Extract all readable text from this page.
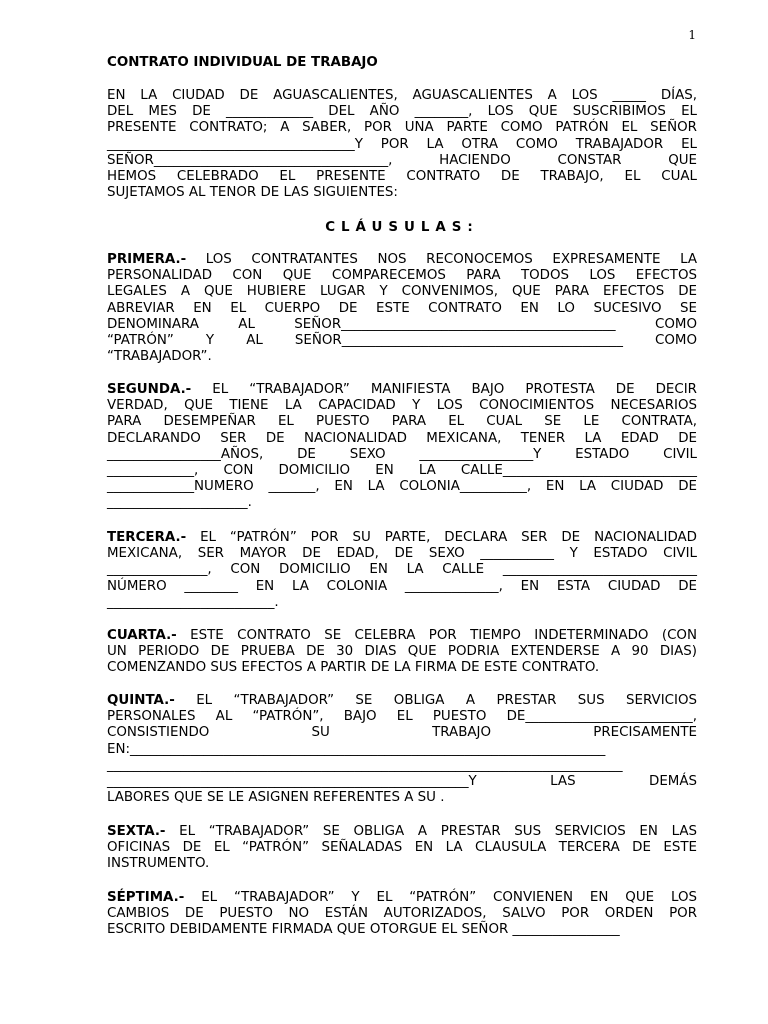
1
CONTRATO INDIVIDUAL DE TRABAJO
EN LA CIUDAD DE AGUASCALIENTES, AGUASCALIENTES A LOS _____ DÍAS,
DEL MES DE _____________ DEL AÑO ________, LOS QUE SUSCRIBIMOS EL
PRESENTE CONTRATO; A SABER, POR UNA PARTE COMO PATRÓN EL SEÑOR
_____________________________________Y POR LA OTRA COMO TRABAJADOR EL
SEÑOR___________________________________, HACIENDO CONSTAR QUE
HEMOS CELEBRADO EL PRESENTE CONTRATO DE TRABAJO, EL CUAL
SUJETAMOS AL TENOR DE LAS SIGUIENTES:
CLÁUSULAS:
PRIMERA.- LOS CONTRATANTES NOS RECONOCEMOS EXPRESAMENTE LA
PERSONALIDAD CON QUE COMPARECEMOS PARA TODOS LOS EFECTOS
LEGALES A QUE HUBIERE LUGAR Y CONVENIMOS, QUE PARA EFECTOS DE
ABREVIAR EN EL CUERPO DE ESTE CONTRATO EN LO SUCESIVO SE
DENOMINARA AL SEÑOR_________________________________________ COMO
“PATRÓN” Y AL SEÑOR__________________________________________ COMO
“TRABAJADOR”.
SEGUNDA.- EL “TRABAJADOR” MANIFIESTA BAJO PROTESTA DE DECIR
VERDAD, QUE TIENE LA CAPACIDAD Y LOS CONOCIMIENTOS NECESARIOS
PARA DESEMPEÑAR EL PUESTO PARA EL CUAL SE LE CONTRATA,
DECLARANDO SER DE NACIONALIDAD MEXICANA, TENER LA EDAD DE
_________________AÑOS, DE SEXO _________________Y ESTADO CIVIL
_____________, CON DOMICILIO EN LA CALLE_____________________________
_____________NUMERO _______, EN LA COLONIA__________, EN LA CIUDAD DE
_____________________.
TERCERA.- EL “PATRÓN” POR SU PARTE, DECLARA SER DE NACIONALIDAD
MEXICANA, SER MAYOR DE EDAD, DE SEXO ___________ Y ESTADO CIVIL
_______________, CON DOMICILIO EN LA CALLE _____________________________
NÚMERO ________ EN LA COLONIA ______________, EN ESTA CIUDAD DE
_________________________.
CUARTA.- ESTE CONTRATO SE CELEBRA POR TIEMPO INDETERMINADO (CON
UN PERIODO DE PRUEBA DE 30 DIAS QUE PODRIA EXTENDERSE A 90 DIAS)
COMENZANDO SUS EFECTOS A PARTIR DE LA FIRMA DE ESTE CONTRATO.
QUINTA.- EL “TRABAJADOR” SE OBLIGA A PRESTAR SUS SERVICIOS
PERSONALES AL “PATRÓN”, BAJO EL PUESTO DE_________________________,
CONSISTIENDO SU TRABAJO PRECISAMENTE
EN:_______________________________________________________________________
_____________________________________________________________________________
______________________________________________________Y LAS DEMÁS
LABORES QUE SE LE ASIGNEN REFERENTES A SU .
SEXTA.- EL “TRABAJADOR” SE OBLIGA A PRESTAR SUS SERVICIOS EN LAS
OFICINAS DE EL “PATRÓN” SEÑALADAS EN LA CLAUSULA TERCERA DE ESTE
INSTRUMENTO.
SÉPTIMA.- EL “TRABAJADOR” Y EL “PATRÓN” CONVIENEN EN QUE LOS
CAMBIOS DE PUESTO NO ESTÁN AUTORIZADOS, SALVO POR ORDEN POR
ESCRITO DEBIDAMENTE FIRMADA QUE OTORGUE EL SEÑOR ________________
